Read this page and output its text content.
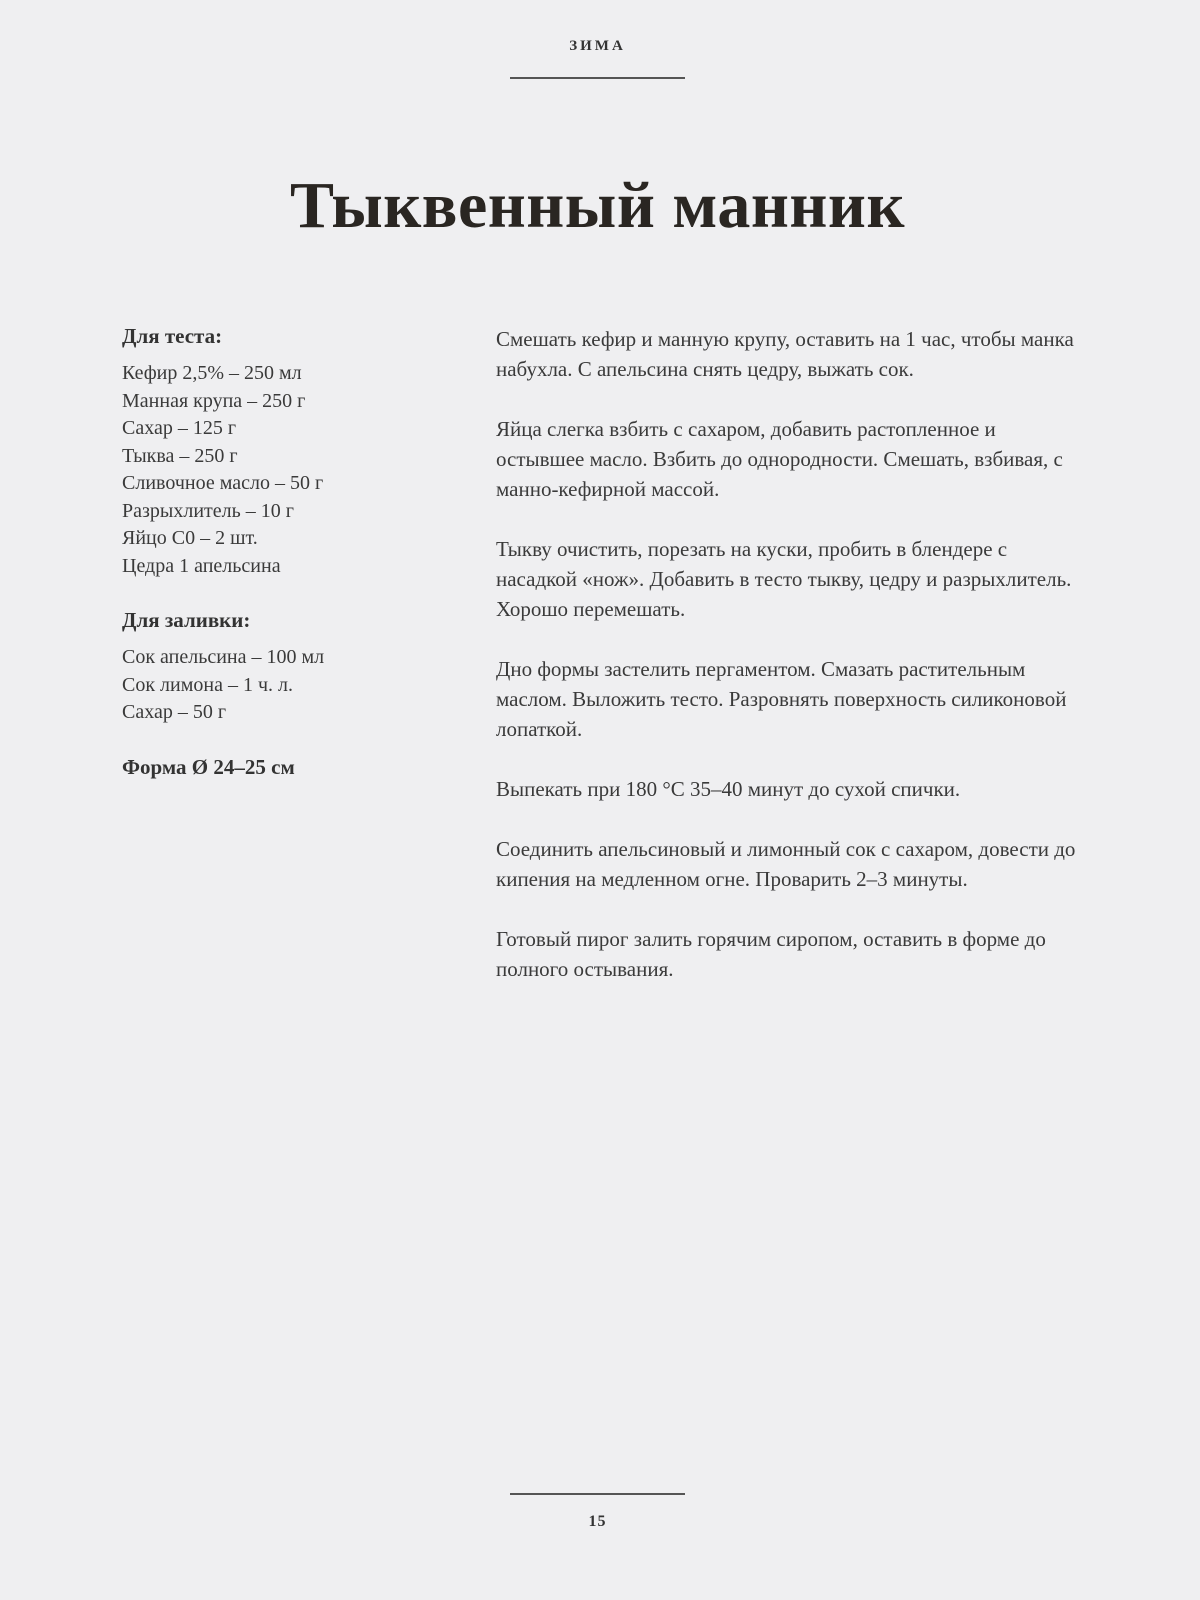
ЗИМА
Тыквенный манник
Для теста:
Кефир 2,5% – 250 мл
Манная крупа – 250 г
Сахар – 125 г
Тыква – 250 г
Сливочное масло – 50 г
Разрыхлитель – 10 г
Яйцо С0 – 2 шт.
Цедра 1 апельсина
Для заливки:
Сок апельсина – 100 мл
Сок лимона – 1 ч. л.
Сахар – 50 г
Форма Ø 24–25 см

Смешать кефир и манную крупу, оставить на 1 час, чтобы манка набухла. С апельсина снять цедру, выжать сок.

Яйца слегка взбить с сахаром, добавить растопленное и остывшее масло. Взбить до однородности. Смешать, взбивая, с манно-кефирной массой.

Тыкву очистить, порезать на куски, пробить в блендере с насадкой «нож». Добавить в тесто тыкву, цедру и разрыхлитель. Хорошо перемешать.

Дно формы застелить пергаментом. Смазать растительным маслом. Выложить тесто. Разровнять поверхность силиконовой лопаткой.

Выпекать при 180 °С 35–40 минут до сухой спички.

Соединить апельсиновый и лимонный сок с сахаром, довести до кипения на медленном огне. Проварить 2–3 минуты.

Готовый пирог залить горячим сиропом, оставить в форме до полного остывания.

15
